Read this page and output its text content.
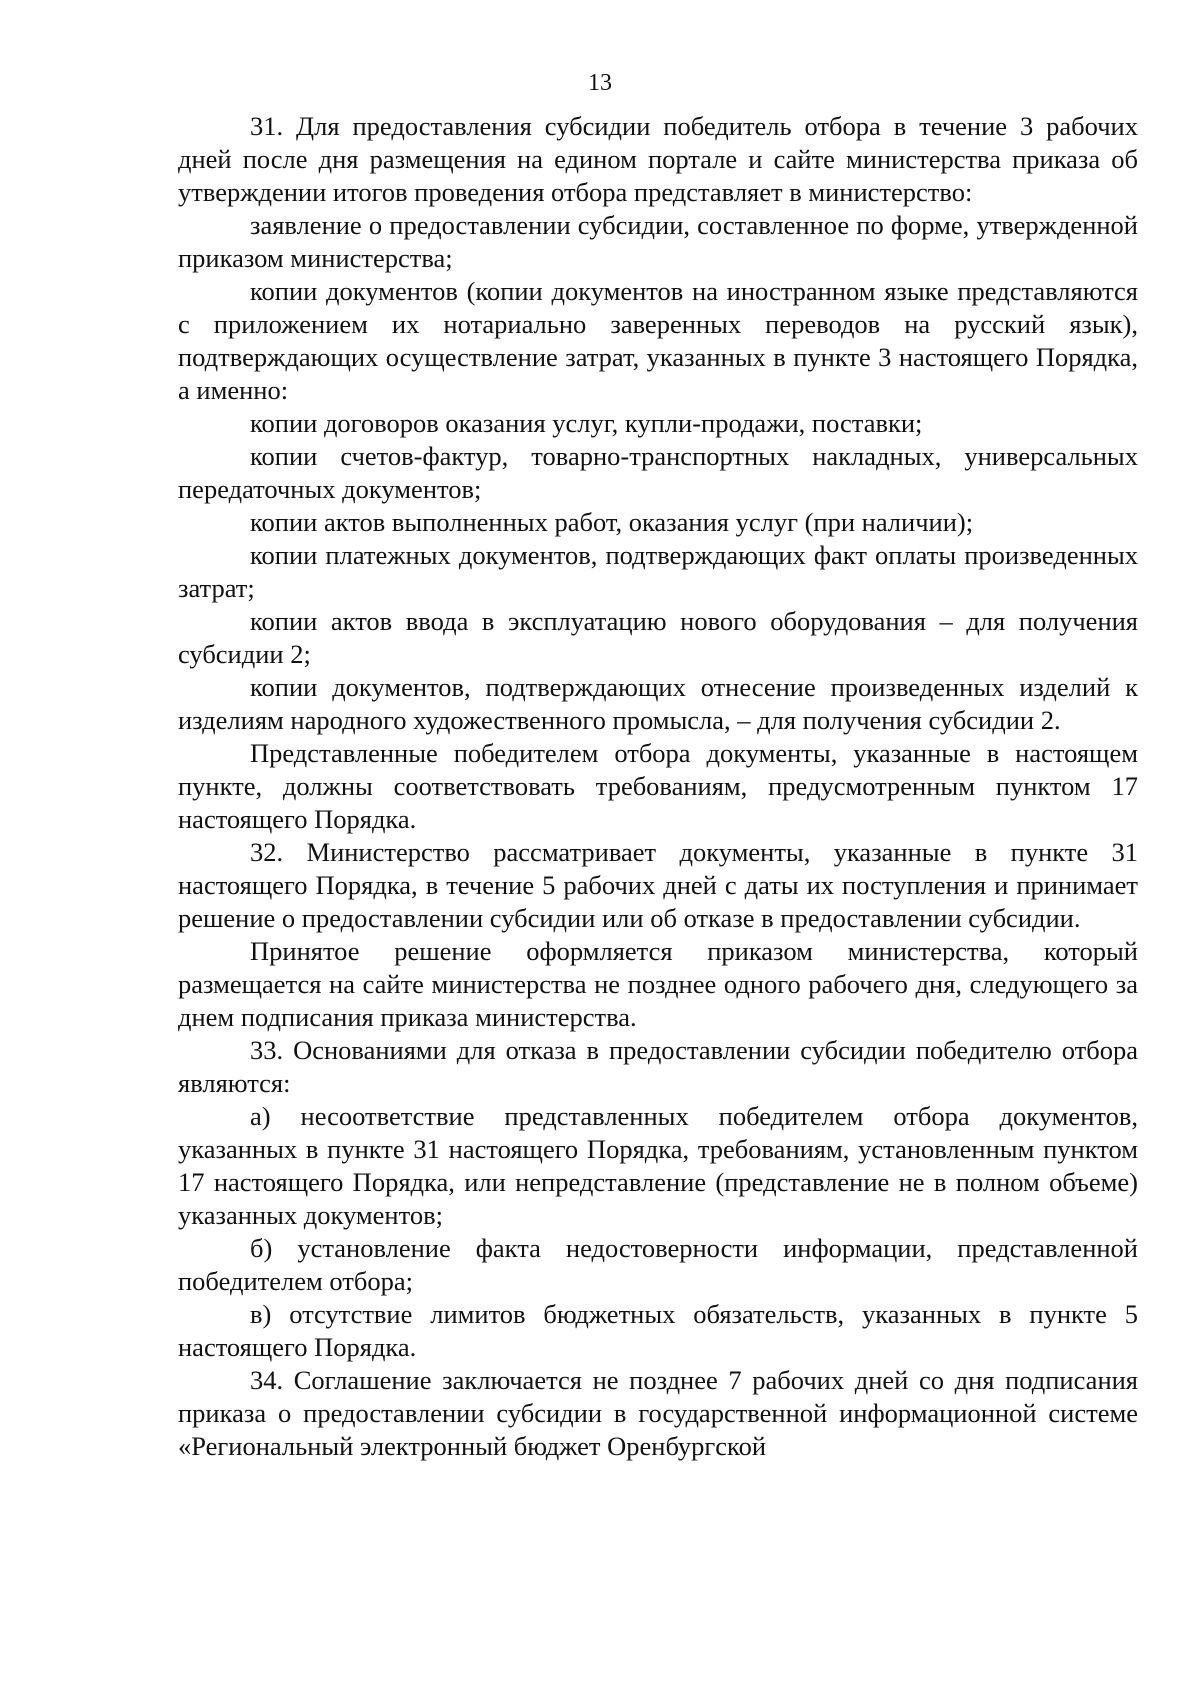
13

31. Для предоставления субсидии победитель отбора в течение 3 рабочих дней после дня размещения на едином портале и сайте министерства приказа об утверждении итогов проведения отбора представляет в министерство:

заявление о предоставлении субсидии, составленное по форме, утвержденной приказом министерства;

копии документов (копии документов на иностранном языке представляются с приложением их нотариально заверенных переводов на русский язык), подтверждающих осуществление затрат, указанных в пункте 3 настоящего Порядка, а именно:

копии договоров оказания услуг, купли-продажи, поставки;

копии счетов-фактур, товарно-транспортных накладных, универсальных передаточных документов;

копии актов выполненных работ, оказания услуг (при наличии);

копии платежных документов, подтверждающих факт оплаты произведенных затрат;

копии актов ввода в эксплуатацию нового оборудования – для получения субсидии 2;

копии документов, подтверждающих отнесение произведенных изделий к изделиям народного художественного промысла, – для получения субсидии 2.

Представленные победителем отбора документы, указанные в настоящем пункте, должны соответствовать требованиям, предусмотренным пунктом 17 настоящего Порядка.

32. Министерство рассматривает документы, указанные в пункте 31 настоящего Порядка, в течение 5 рабочих дней с даты их поступления и принимает решение о предоставлении субсидии или об отказе в предоставлении субсидии.

Принятое решение оформляется приказом министерства, который размещается на сайте министерства не позднее одного рабочего дня, следующего за днем подписания приказа министерства.

33. Основаниями для отказа в предоставлении субсидии победителю отбора являются:

а) несоответствие представленных победителем отбора документов, указанных в пункте 31 настоящего Порядка, требованиям, установленным пунктом 17 настоящего Порядка, или непредставление (представление не в полном объеме) указанных документов;

б) установление факта недостоверности информации, представленной победителем отбора;

в) отсутствие лимитов бюджетных обязательств, указанных в пункте 5 настоящего Порядка.

34. Соглашение заключается не позднее 7 рабочих дней со дня подписания приказа о предоставлении субсидии в государственной информационной системе «Региональный электронный бюджет Оренбургской
